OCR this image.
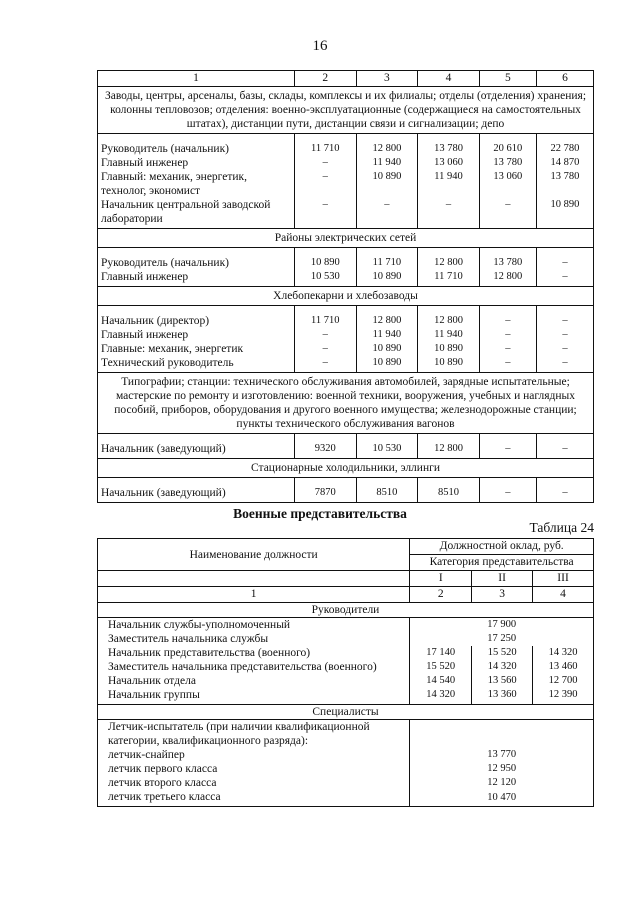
16
1	2	3	4	5	6
Заводы, центры, арсеналы, базы, склады, комплексы и их филиалы; отделы (отделения) хранения; колонны тепловозов; отделения: военно-эксплуатационные (содержащиеся на самостоятельных штатах), дистанции пути, дистанции связи и сигнализации; депо					
Руководитель (начальник)	11 710	12 800	13 780	20 610	22 780
Главный инженер	–	11 940	13 060	13 780	14 870
Главный: механик, энергетик, технолог, экономист	–	10 890	11 940	13 060	13 780
Начальник центральной заводской лаборатории	–	–	–	–	10 890
Районы электрических сетей					
Руководитель (начальник)	10 890	11 710	12 800	13 780	–
Главный инженер	10 530	10 890	11 710	12 800	–
Хлебопекарни и хлебозаводы					
Начальник (директор)	11 710	12 800	12 800	–	–
Главный инженер	–	11 940	11 940	–	–
Главные: механик, энергетик	–	10 890	10 890	–	–
Технический руководитель	–	10 890	10 890	–	–
Типографии; станции: технического обслуживания автомобилей, зарядные испытательные; мастерские по ремонту и изготовлению: военной техники, вооружения, учебных и наглядных пособий, приборов, оборудования и другого военного имущества; железнодорожные станции; пункты технического обслуживания вагонов					
Начальник (заведующий)	9320	10 530	12 800	–	–
Стационарные холодильники, эллинги					
Начальник (заведующий)	7870	8510	8510	–	–
Военные представительства
Таблица 24
Наименование должности	Должностной оклад, руб.		
	Категория представительства		
	I	II	III
1	2	3	4
Руководители			
Начальник службы-уполномоченный	17 900		
Заместитель начальника службы	17 250		
Начальник представительства (военного)	17 140	15 520	14 320
Заместитель начальника представительства (военного)	15 520	14 320	13 460
Начальник отдела	14 540	13 560	12 700
Начальник группы	14 320	13 360	12 390
Специалисты			
Летчик-испытатель (при наличии квалификационной категории, квалификационного разряда):			
летчик-снайпер	13 770		
летчик первого класса	12 950		
летчик второго класса	12 120		
летчик третьего класса	10 470		
